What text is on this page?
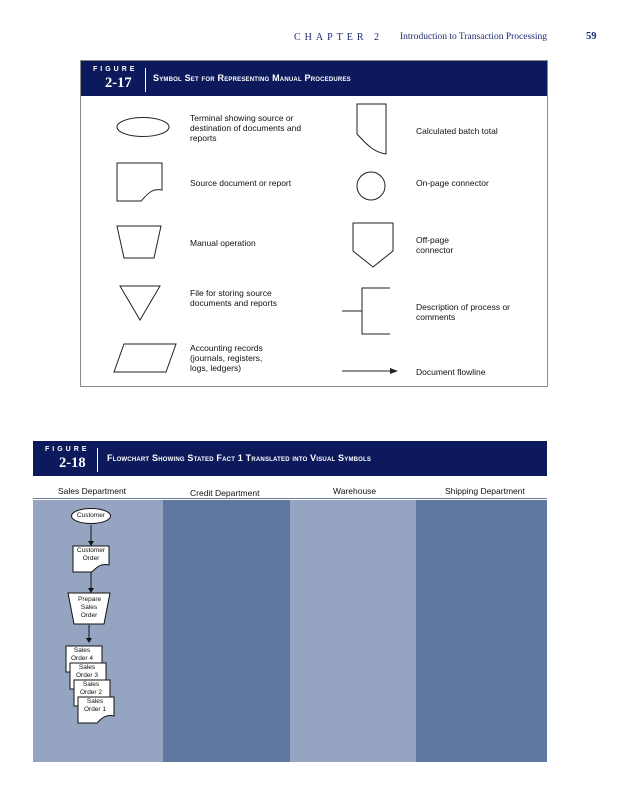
CHAPTER 2 Introduction to Transaction Processing	59
FIGURE
2-17 Symbol Set for Representing Manual Procedures
Terminal showing source or destination of documents and reports
Source document or report
Manual operation
File for storing source documents and reports
Accounting records (journals, registers, logs, ledgers)
Calculated batch total
On-page connector
Off-page connector
Description of process or comments
Document flowline
FIGURE
2-18 Flowchart Showing Stated Fact 1 Translated into Visual Symbols
Sales Department	Credit Department	Warehouse	Shipping Department
Customer
Customer Order
Prepare Sales Order
Sales Order 4
Sales Order 3
Sales Order 2
Sales Order 1
